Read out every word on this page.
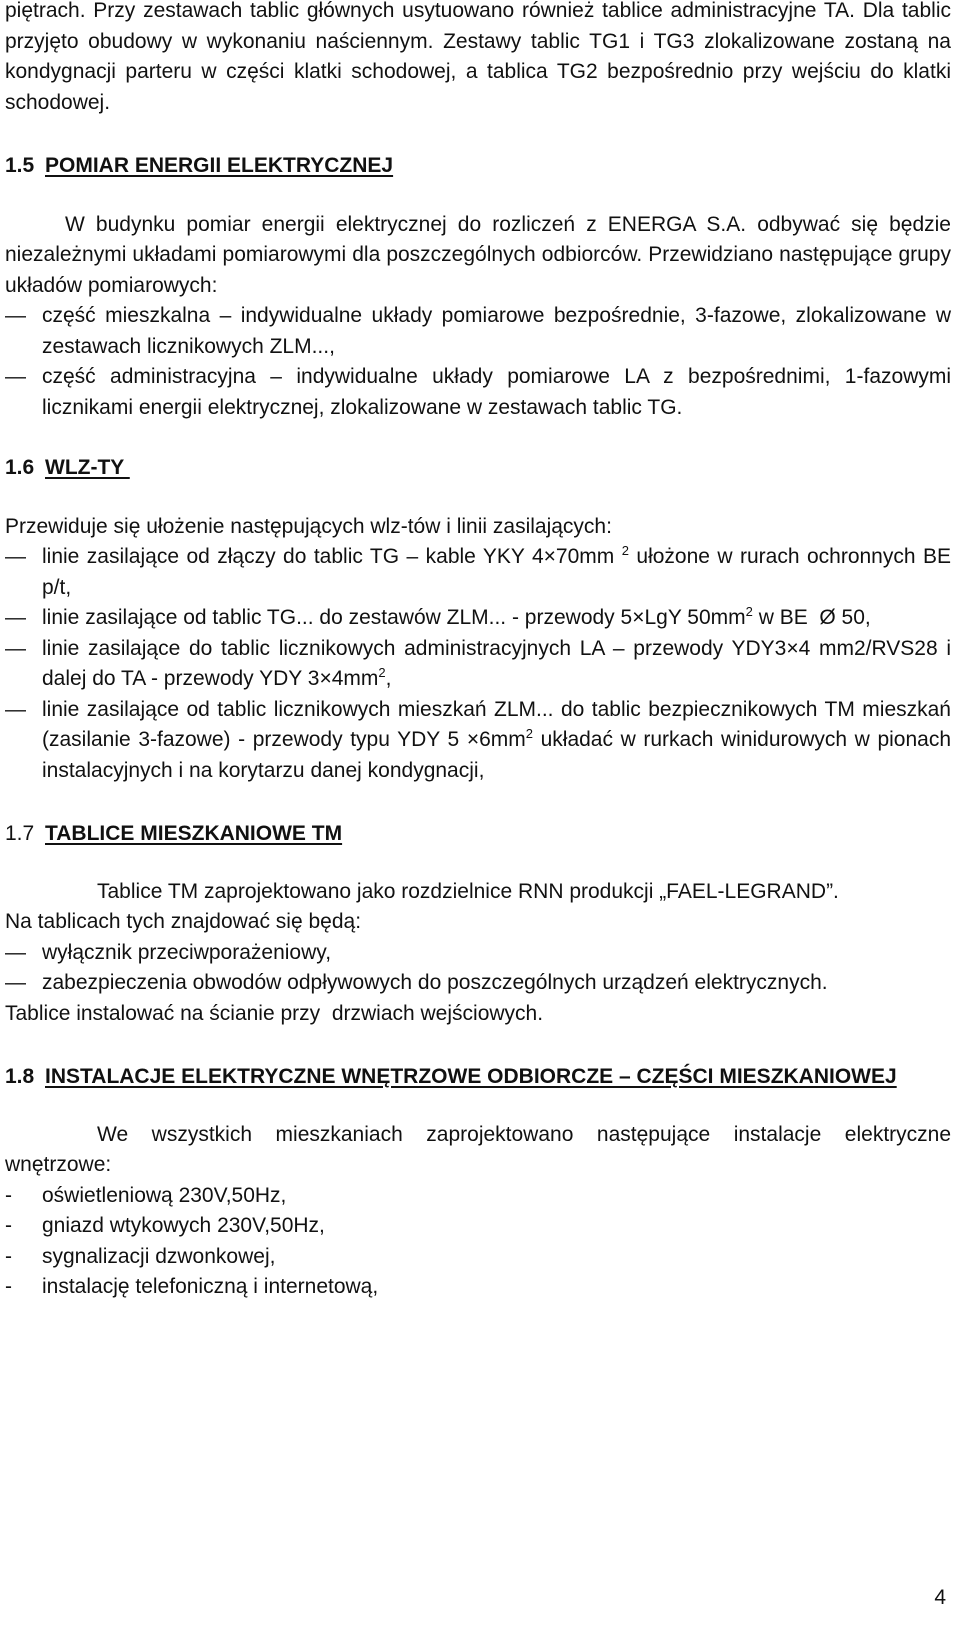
piętrach. Przy zestawach tablic głównych usytuowano również tablice administracyjne TA. Dla tablic przyjęto obudowy w wykonaniu naściennym. Zestawy tablic TG1 i TG3 zlokalizowane zostaną na kondygnacji parteru w części klatki schodowej, a tablica TG2 bezpośrednio przy wejściu do klatki schodowej.

1.5 POMIAR ENERGII ELEKTRYCZNEJ

W budynku pomiar energii elektrycznej do rozliczeń z ENERGA S.A. odbywać się będzie niezależnymi układami pomiarowymi dla poszczególnych odbiorców. Przewidziano następujące grupy układów pomiarowych:

—
część mieszkalna – indywidualne układy pomiarowe bezpośrednie, 3-fazowe, zlokalizowane w zestawach licznikowych ZLM...,
—
część administracyjna – indywidualne układy pomiarowe LA z bezpośrednimi, 1-fazowymi licznikami energii elektrycznej, zlokalizowane w zestawach tablic TG.
1.6 WLZ-TY

Przewiduje się ułożenie następujących wlz-tów i linii zasilających:

—
linie zasilające od złączy do tablic TG – kable YKY 4×70mm $^2$ ułożone w rurach ochronnych BE p/t,
—
linie zasilające od tablic TG... do zestawów ZLM... - przewody 5×LgY $50mm^2$ w BE  Ø 50,
—
linie zasilające do tablic licznikowych administracyjnych LA – przewody YDY3×4 mm2/RVS28 i dalej do TA - przewody YDY $3\times 4mm^2$,
—
linie zasilające od tablic licznikowych mieszkań ZLM... do tablic bezpiecznikowych TM mieszkań (zasilanie 3-fazowe) - przewody typu YDY $5 \times 6mm^2$ układać w rurkach winidurowych w pionach instalacyjnych i na korytarzu danej kondygnacji,
1.7 TABLICE MIESZKANIOWE TM

Tablice TM zaprojektowano jako rozdzielnice RNN produkcji „FAEL-LEGRAND”.

Na tablicach tych znajdować się będą:

—
wyłącznik przeciwporażeniowy,
—
zabezpieczenia obwodów odpływowych do poszczególnych urządzeń elektrycznych.

Tablice instalować na ścianie przy  drzwiach wejściowych.

1.8 INSTALACJE ELEKTRYCZNE WNĘTRZOWE ODBIORCZE – CZĘŚCI MIESZKANIOWEJ

We wszystkich mieszkaniach zaprojektowano następujące instalacje elektryczne wnętrzowe:

-
oświetleniową 230V,50Hz,
-
gniazd wtykowych 230V,50Hz,
-
sygnalizacji dzwonkowej,
-
instalację telefoniczną i internetową,
4
